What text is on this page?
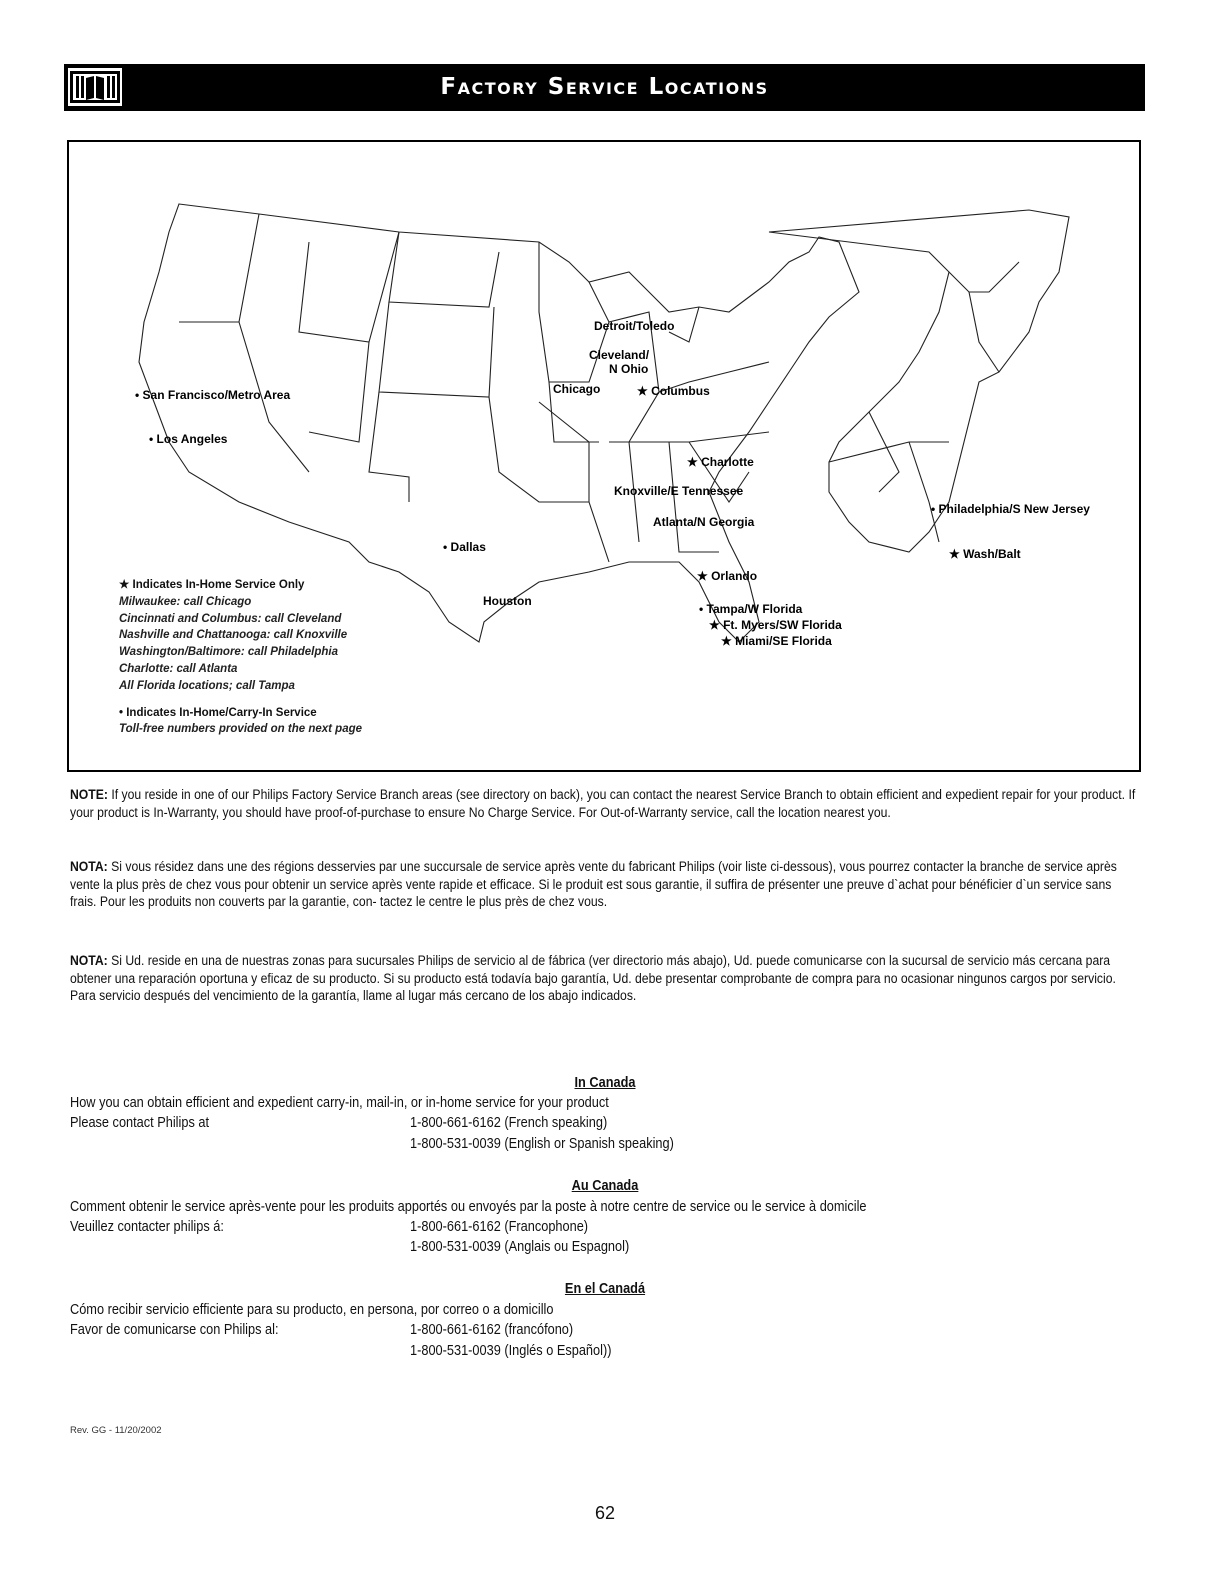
Factory Service Locations
Detroit/Toledo
Cleveland/
N Ohio
Chicago	★ Columbus
• San Francisco/Metro Area
• Los Angeles
★ Charlotte
Knoxville/E Tennessee
Atlanta/N Georgia
• Philadelphia/S New Jersey
★ Wash/Balt
• Dallas
Houston
★ Orlando
• Tampa/W Florida
★ Ft. Myers/SW Florida
★ Miami/SE Florida
★ Indicates In-Home Service Only
Milwaukee: call Chicago
Cincinnati and Columbus: call Cleveland
Nashville and Chattanooga: call Knoxville
Washington/Baltimore: call Philadelphia
Charlotte: call Atlanta
All Florida locations; call Tampa
• Indicates In-Home/Carry-In Service
Toll-free numbers provided on the next page
NOTE: If you reside in one of our Philips Factory Service Branch areas (see directory on back), you can contact the nearest Service Branch to obtain efficient and expedient repair for your product. If your product is In-Warranty, you should have proof-of-purchase to ensure No Charge Service. For Out-of-Warranty service, call the location nearest you.
NOTA: Si vous résidez dans une des régions desservies par une succursale de service après vente du fabricant Philips (voir liste ci-dessous), vous pourrez contacter la branche de service après vente la plus près de chez vous pour obtenir un service après vente rapide et efficace. Si le produit est sous garantie, il suffira de présenter une preuve d`achat pour bénéficier d`un service sans frais. Pour les produits non couverts par la garantie, con- tactez le centre le plus près de chez vous.
NOTA: Si Ud. reside en una de nuestras zonas para sucursales Philips de servicio al de fábrica (ver directorio más abajo), Ud. puede comunicarse con la sucursal de servicio más cercana para obtener una reparación oportuna y eficaz de su producto. Si su producto está todavía bajo garantía, Ud. debe presentar comprobante de compra para no ocasionar ningunos cargos por servicio. Para servicio después del vencimiento de la garantía, llame al lugar más cercano de los abajo indicados.
In Canada
How you can obtain efficient and expedient carry-in, mail-in, or in-home service for your product
Please contact Philips at	1-800-661-6162 (French speaking)
1-800-531-0039 (English or Spanish speaking)
Au Canada
Comment obtenir le service après-vente pour les produits apportés ou envoyés par la poste à notre centre de service ou le service à domicile
Veuillez contacter philips á:	1-800-661-6162 (Francophone)
1-800-531-0039 (Anglais ou Espagnol)
En el Canadá
Cómo recibir servicio efficiente para su producto, en persona, por correo o a domicillo
Favor de comunicarse con Philips al:	1-800-661-6162 (francófono)
1-800-531-0039 (Inglés o Español))
Rev. GG - 11/20/2002
62
